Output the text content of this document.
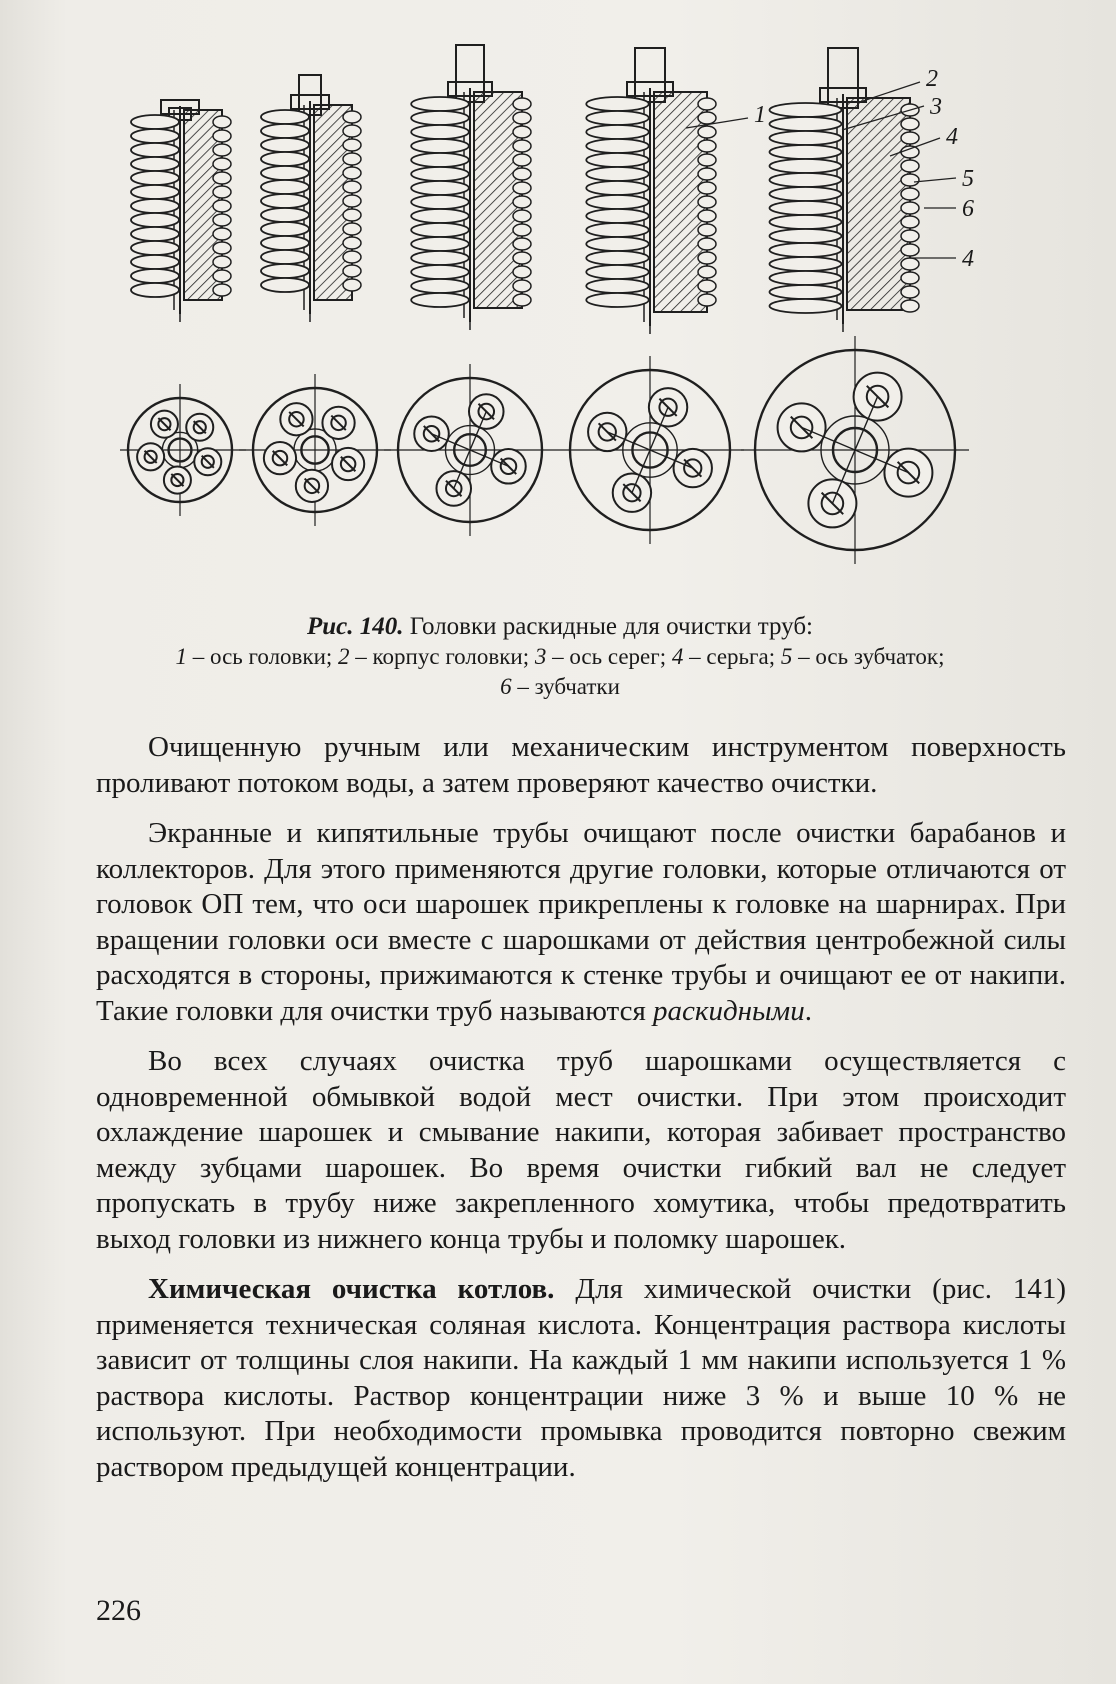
1
2
3
4
5
6
4
Рис. 140. Головки раскидные для очистки труб:
1 – ось головки; 2 – корпус головки; 3 – ось серег; 4 – серьга; 5 – ось зубчаток;
6 – зубчатки

Очищенную ручным или механическим инструментом поверхность проливают потоком воды, а затем проверяют качество очистки.

Экранные и кипятильные трубы очищают после очистки барабанов и коллекторов. Для этого применяются другие головки, которые отличаются от головок ОП тем, что оси шарошек прикреплены к головке на шарнирах. При вращении головки оси вместе с шарошками от действия центробежной силы расходятся в стороны, прижимаются к стенке трубы и очищают ее от накипи. Такие головки для очистки труб называются раскидными.

Во всех случаях очистка труб шарошками осуществляется с одновременной обмывкой водой мест очистки. При этом происходит охлаждение шарошек и смывание накипи, которая забивает пространство между зубцами шарошек. Во время очистки гибкий вал не следует пропускать в трубу ниже закрепленного хомутика, чтобы предотвратить выход головки из нижнего конца трубы и поломку шарошек.

Химическая очистка котлов. Для химической очистки (рис. 141) применяется техническая соляная кислота. Концентрация раствора кислоты зависит от толщины слоя накипи. На каждый 1 мм накипи используется 1 % раствора кислоты. Раствор концентрации ниже 3 % и выше 10 % не используют. При необходимости промывка проводится повторно свежим раствором предыдущей концентрации.

226
